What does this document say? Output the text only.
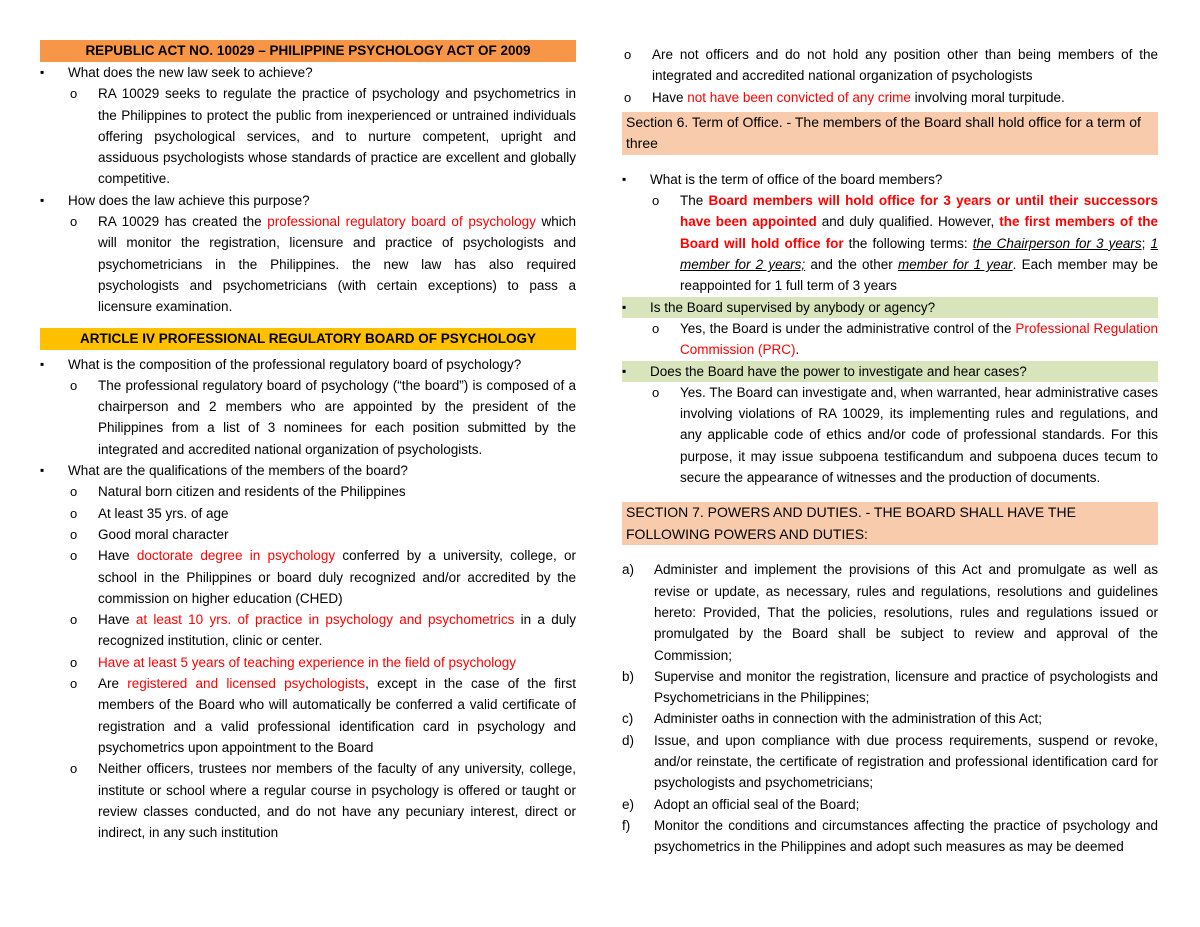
REPUBLIC ACT NO. 10029 – PHILIPPINE PSYCHOLOGY ACT OF 2009
▪ What does the new law seek to achieve?
o RA 10029 seeks to regulate the practice of psychology and psychometrics in the Philippines to protect the public from inexperienced or untrained individuals offering psychological services, and to nurture competent, upright and assiduous psychologists whose standards of practice are excellent and globally competitive.
▪ How does the law achieve this purpose?
o RA 10029 has created the professional regulatory board of psychology which will monitor the registration, licensure and practice of psychologists and psychometricians in the Philippines. the new law has also required psychologists and psychometricians (with certain exceptions) to pass a licensure examination.
ARTICLE IV PROFESSIONAL REGULATORY BOARD OF PSYCHOLOGY
▪ What is the composition of the professional regulatory board of psychology?
o The professional regulatory board of psychology (“the board”) is composed of a chairperson and 2 members who are appointed by the president of the Philippines from a list of 3 nominees for each position submitted by the integrated and accredited national organization of psychologists.
▪ What are the qualifications of the members of the board?
o Natural born citizen and residents of the Philippines
o At least 35 yrs. of age
o Good moral character
o Have doctorate degree in psychology conferred by a university, college, or school in the Philippines or board duly recognized and/or accredited by the commission on higher education (CHED)
o Have at least 10 yrs. of practice in psychology and psychometrics in a duly recognized institution, clinic or center.
o Have at least 5 years of teaching experience in the field of psychology
o Are registered and licensed psychologists, except in the case of the first members of the Board who will automatically be conferred a valid certificate of registration and a valid professional identification card in psychology and psychometrics upon appointment to the Board
o Neither officers, trustees nor members of the faculty of any university, college, institute or school where a regular course in psychology is offered or taught or review classes conducted, and do not have any pecuniary interest, direct or indirect, in any such institution
o Are not officers and do not hold any position other than being members of the integrated and accredited national organization of psychologists
o Have not have been convicted of any crime involving moral turpitude.
Section 6. Term of Office. - The members of the Board shall hold office for a term of three
▪ What is the term of office of the board members?
o The Board members will hold office for 3 years or until their successors have been appointed and duly qualified. However, the first members of the Board will hold office for the following terms: the Chairperson for 3 years; 1 member for 2 years; and the other member for 1 year. Each member may be reappointed for 1 full term of 3 years
▪ Is the Board supervised by anybody or agency?
o Yes, the Board is under the administrative control of the Professional Regulation Commission (PRC).
▪ Does the Board have the power to investigate and hear cases?
o Yes. The Board can investigate and, when warranted, hear administrative cases involving violations of RA 10029, its implementing rules and regulations, and any applicable code of ethics and/or code of professional standards. For this purpose, it may issue subpoena testificandum and subpoena duces tecum to secure the appearance of witnesses and the production of documents.
SECTION 7. POWERS AND DUTIES. - THE BOARD SHALL HAVE THE FOLLOWING POWERS AND DUTIES:
a) Administer and implement the provisions of this Act and promulgate as well as revise or update, as necessary, rules and regulations, resolutions and guidelines hereto: Provided, That the policies, resolutions, rules and regulations issued or promulgated by the Board shall be subject to review and approval of the Commission;
b) Supervise and monitor the registration, licensure and practice of psychologists and Psychometricians in the Philippines;
c) Administer oaths in connection with the administration of this Act;
d) Issue, and upon compliance with due process requirements, suspend or revoke, and/or reinstate, the certificate of registration and professional identification card for psychologists and psychometricians;
e) Adopt an official seal of the Board;
f) Monitor the conditions and circumstances affecting the practice of psychology and psychometrics in the Philippines and adopt such measures as may be deemed
